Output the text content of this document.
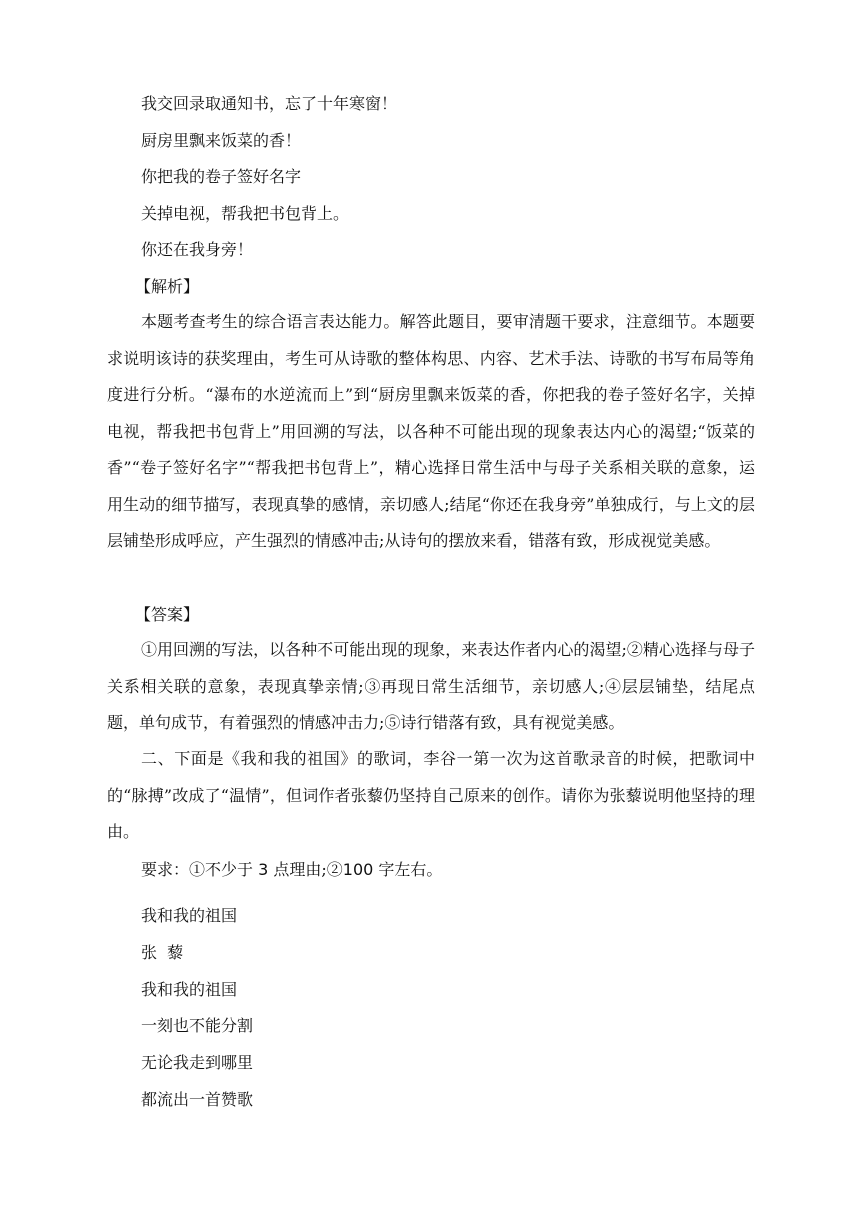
我交回录取通知书，忘了十年寒窗！
厨房里飘来饭菜的香！
你把我的卷子签好名字
关掉电视，帮我把书包背上。
你还在我身旁！
【解析】
本题考查考生的综合语言表达能力。解答此题目，要审清题干要求，注意细节。本题要求说明该诗的获奖理由，考生可从诗歌的整体构思、内容、艺术手法、诗歌的书写布局等角度进行分析。“瀑布的水逆流而上”到“厨房里飘来饭菜的香，你把我的卷子签好名字，关掉电视，帮我把书包背上”用回溯的写法，以各种不可能出现的现象表达内心的渴望;“饭菜的香”“卷子签好名字”“帮我把书包背上”，精心选择日常生活中与母子关系相关联的意象，运用生动的细节描写，表现真挚的感情，亲切感人;结尾“你还在我身旁”单独成行，与上文的层层铺垫形成呼应，产生强烈的情感冲击;从诗句的摆放来看，错落有致，形成视觉美感。
【答案】
①用回溯的写法，以各种不可能出现的现象，来表达作者内心的渴望;②精心选择与母子关系相关联的意象，表现真挚亲情;③再现日常生活细节，亲切感人;④层层铺垫，结尾点题，单句成节，有着强烈的情感冲击力;⑤诗行错落有致，具有视觉美感。
二、下面是《我和我的祖国》的歌词，李谷一第一次为这首歌录音的时候，把歌词中的“脉搏”改成了“温情”，但词作者张藜仍坚持自己原来的创作。请你为张藜说明他坚持的理由。
要求：①不少于 3 点理由;②100 字左右。
我和我的祖国
张  藜
我和我的祖国
一刻也不能分割
无论我走到哪里
都流出一首赞歌
